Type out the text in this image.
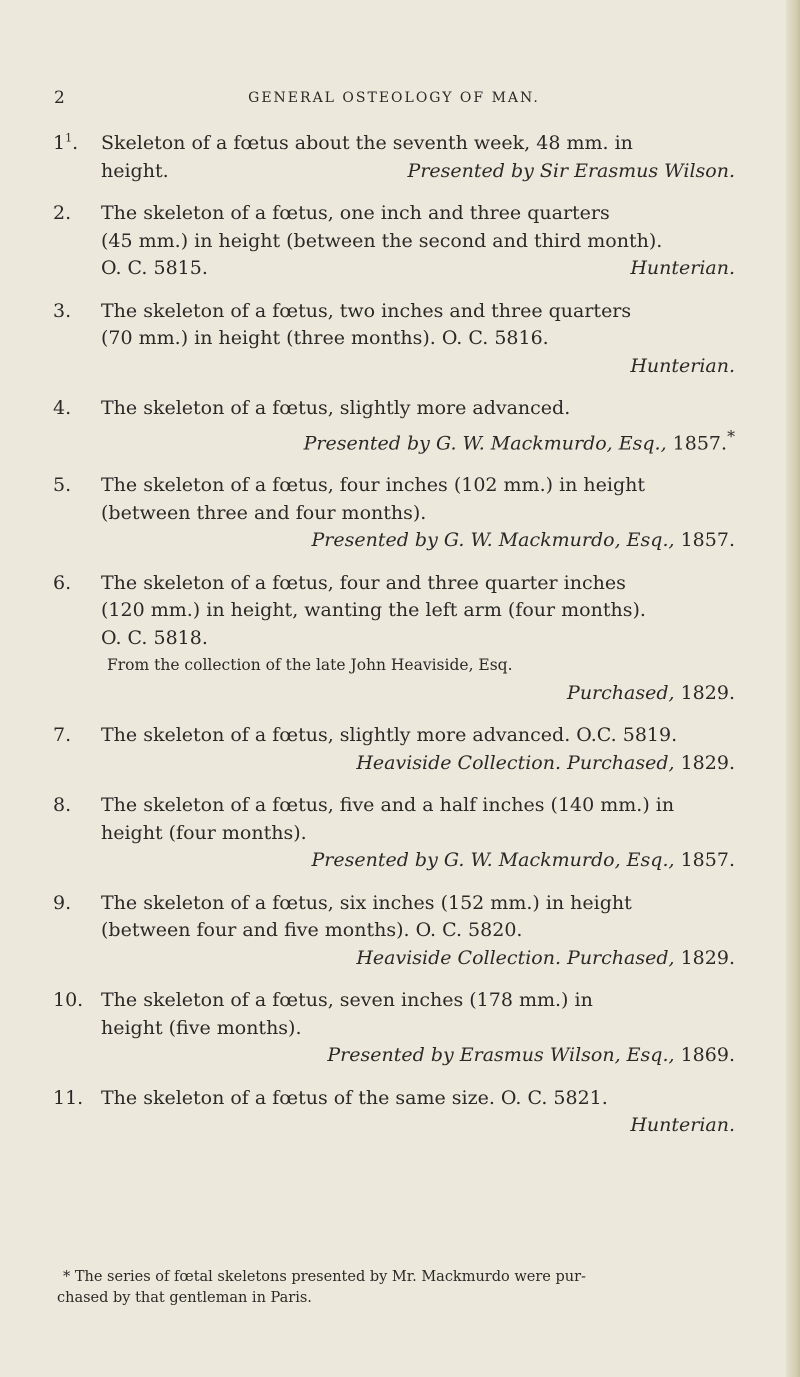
2	GENERAL OSTEOLOGY OF MAN.
$1^1$. Skeleton of a fœtus about the seventh week, 48 mm. in
height.	Presented by Sir Erasmus Wilson.
2. The skeleton of a fœtus, one inch and three quarters
(45 mm.) in height (between the second and third month).
O. C. 5815.	Hunterian.
3. The skeleton of a fœtus, two inches and three quarters
(70 mm.) in height (three months). O. C. 5816.
Hunterian.
4. The skeleton of a fœtus, slightly more advanced.
Presented by G. W. Mackmurdo, Esq., 1857.*
5. The skeleton of a fœtus, four inches (102 mm.) in height
(between three and four months).
Presented by G. W. Mackmurdo, Esq., 1857.
6. The skeleton of a fœtus, four and three quarter inches
(120 mm.) in height, wanting the left arm (four months).
O. C. 5818.
From the collection of the late John Heaviside, Esq.
Purchased, 1829.
7. The skeleton of a fœtus, slightly more advanced. O.C. 5819.
Heaviside Collection. Purchased, 1829.
8. The skeleton of a fœtus, five and a half inches (140 mm.) in
height (four months).
Presented by G. W. Mackmurdo, Esq., 1857.
9. The skeleton of a fœtus, six inches (152 mm.) in height
(between four and five months). O. C. 5820.
Heaviside Collection. Purchased, 1829.
10. The skeleton of a fœtus, seven inches (178 mm.) in
height (five months).
Presented by Erasmus Wilson, Esq., 1869.
11. The skeleton of a fœtus of the same size. O. C. 5821.
Hunterian.
* The series of fœtal skeletons presented by Mr. Mackmurdo were pur-
chased by that gentleman in Paris.
